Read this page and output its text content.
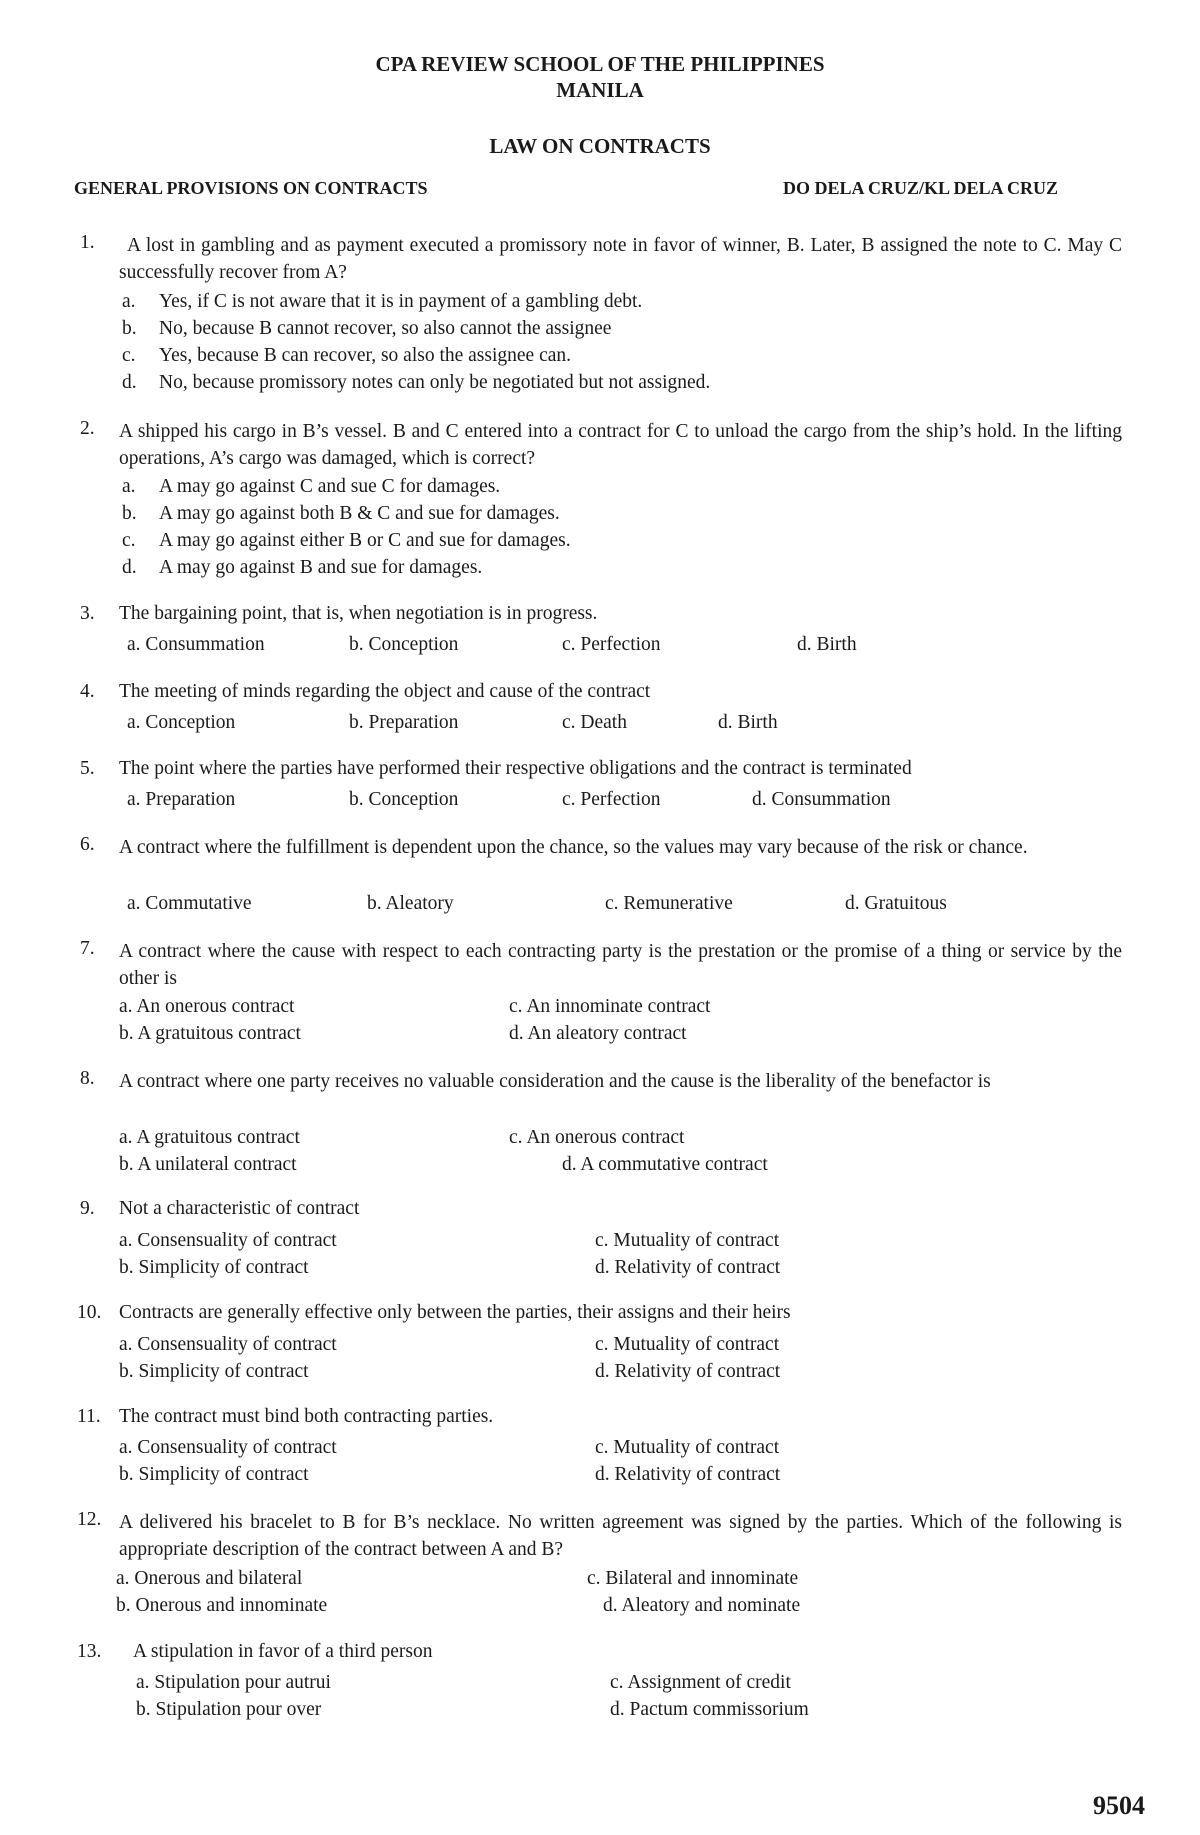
CPA REVIEW SCHOOL OF THE PHILIPPINES
MANILA
LAW ON CONTRACTS
GENERAL PROVISIONS ON CONTRACTS	DO DELA CRUZ/KL DELA CRUZ
1.	A lost in gambling and as payment executed a promissory note in favor of winner, B. Later, B assigned the note to C. May C successfully recover from A?
a. Yes, if C is not aware that it is in payment of a gambling debt.
b. No, because B cannot recover, so also cannot the assignee
c. Yes, because B can recover, so also the assignee can.
d. No, because promissory notes can only be negotiated but not assigned.
2. A shipped his cargo in B’s vessel. B and C entered into a contract for C to unload the cargo from the ship’s hold. In the lifting operations, A’s cargo was damaged, which is correct?
a. A may go against C and sue C for damages.
b. A may go against both B & C and sue for damages.
c. A may go against either B or C and sue for damages.
d. A may go against B and sue for damages.
3. The bargaining point, that is, when negotiation is in progress.
a. Consummation	b. Conception	c. Perfection	d. Birth
4. The meeting of minds regarding the object and cause of the contract
a. Conception	b. Preparation	c. Death	d. Birth
5. The point where the parties have performed their respective obligations and the contract is terminated
a. Preparation	b. Conception	c. Perfection	d. Consummation
6. A contract where the fulfillment is dependent upon the chance, so the values may vary because of the risk or chance.
a. Commutative	b. Aleatory	c. Remunerative	d. Gratuitous
7. A contract where the cause with respect to each contracting party is the prestation or the promise of a thing or service by the other is
a. An onerous contract	c. An innominate contract
b. A gratuitous contract	d. An aleatory contract
8. A contract where one party receives no valuable consideration and the cause is the liberality of the benefactor is
a. A gratuitous contract	c. An onerous contract
b. A unilateral contract	d. A commutative contract
9. Not a characteristic of contract
a. Consensuality of contract	c. Mutuality of contract
b. Simplicity of contract	d. Relativity of contract
10. Contracts are generally effective only between the parties, their assigns and their heirs
a. Consensuality of contract	c. Mutuality of contract
b. Simplicity of contract	d. Relativity of contract
11. The contract must bind both contracting parties.
a. Consensuality of contract	c. Mutuality of contract
b. Simplicity of contract	d. Relativity of contract
12. A delivered his bracelet to B for B’s necklace. No written agreement was signed by the parties. Which of the following is appropriate description of the contract between A and B?
a. Onerous and bilateral	c. Bilateral and innominate
b. Onerous and innominate	d. Aleatory and nominate
13. A stipulation in favor of a third person
a. Stipulation pour autrui	c. Assignment of credit
b. Stipulation pour over	d. Pactum commissorium
9504
